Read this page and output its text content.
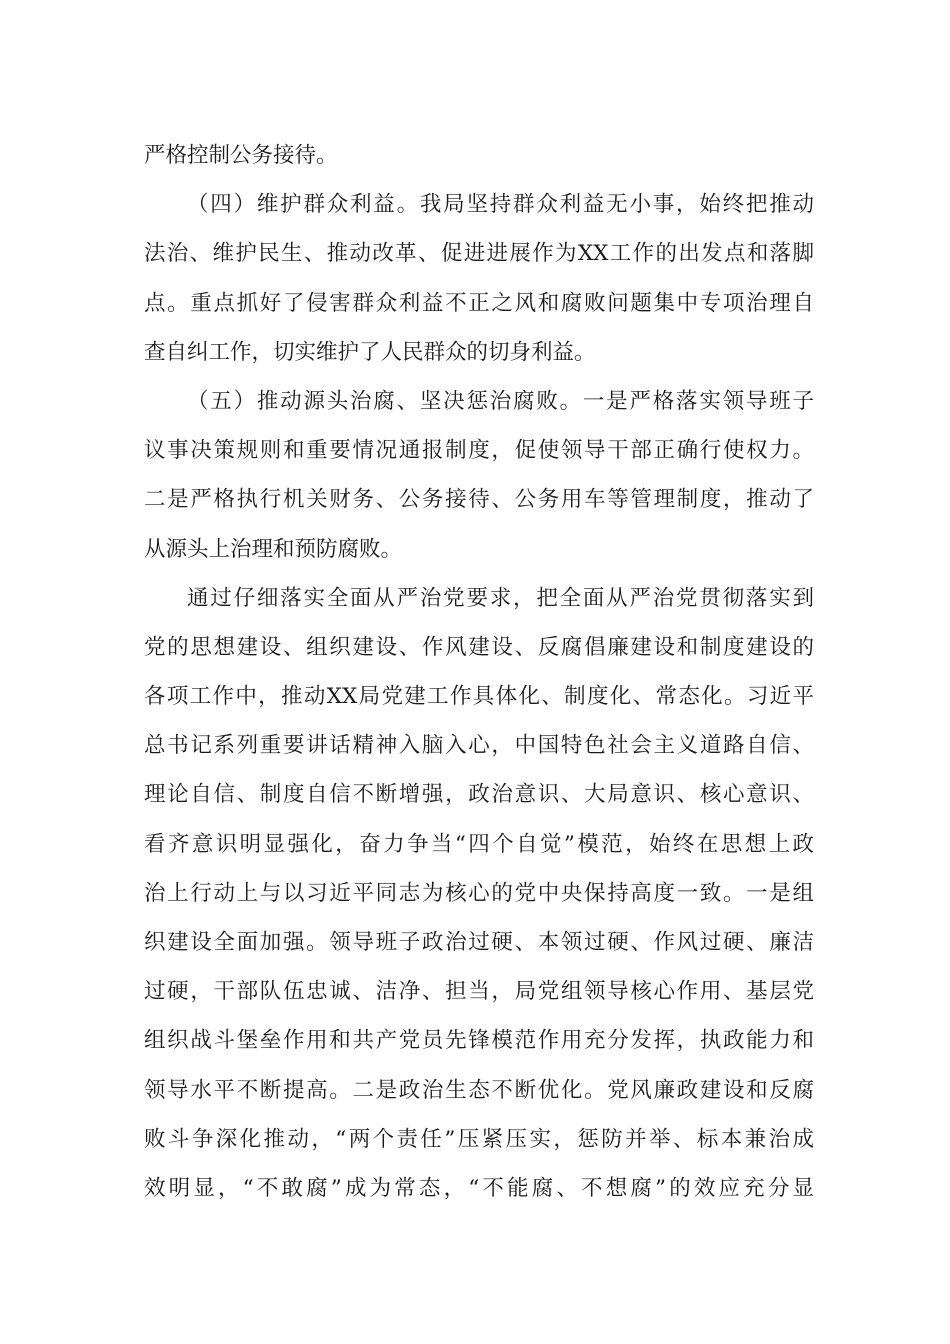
严格控制公务接待。
（四）维护群众利益。我局坚持群众利益无小事，始终把推动
法治、维护民生、推动改革、促进进展作为XX工作的出发点和落脚
点。重点抓好了侵害群众利益不正之风和腐败问题集中专项治理自
查自纠工作，切实维护了人民群众的切身利益。
（五）推动源头治腐、坚决惩治腐败。一是严格落实领导班子
议事决策规则和重要情况通报制度，促使领导干部正确行使权力。
二是严格执行机关财务、公务接待、公务用车等管理制度，推动了
从源头上治理和预防腐败。
通过仔细落实全面从严治党要求，把全面从严治党贯彻落实到
党的思想建设、组织建设、作风建设、反腐倡廉建设和制度建设的
各项工作中，推动XX局党建工作具体化、制度化、常态化。习近平
总书记系列重要讲话精神入脑入心，中国特色社会主义道路自信、
理论自信、制度自信不断增强，政治意识、大局意识、核心意识、
看齐意识明显强化，奋力争当“四个自觉”模范，始终在思想上政
治上行动上与以习近平同志为核心的党中央保持高度一致。一是组
织建设全面加强。领导班子政治过硬、本领过硬、作风过硬、廉洁
过硬，干部队伍忠诚、洁净、担当，局党组领导核心作用、基层党
组织战斗堡垒作用和共产党员先锋模范作用充分发挥，执政能力和
领导水平不断提高。二是政治生态不断优化。党风廉政建设和反腐
败斗争深化推动，“两个责任”压紧压实，惩防并举、标本兼治成
效明显，“不敢腐”成为常态，“不能腐、不想腐”的效应充分显
